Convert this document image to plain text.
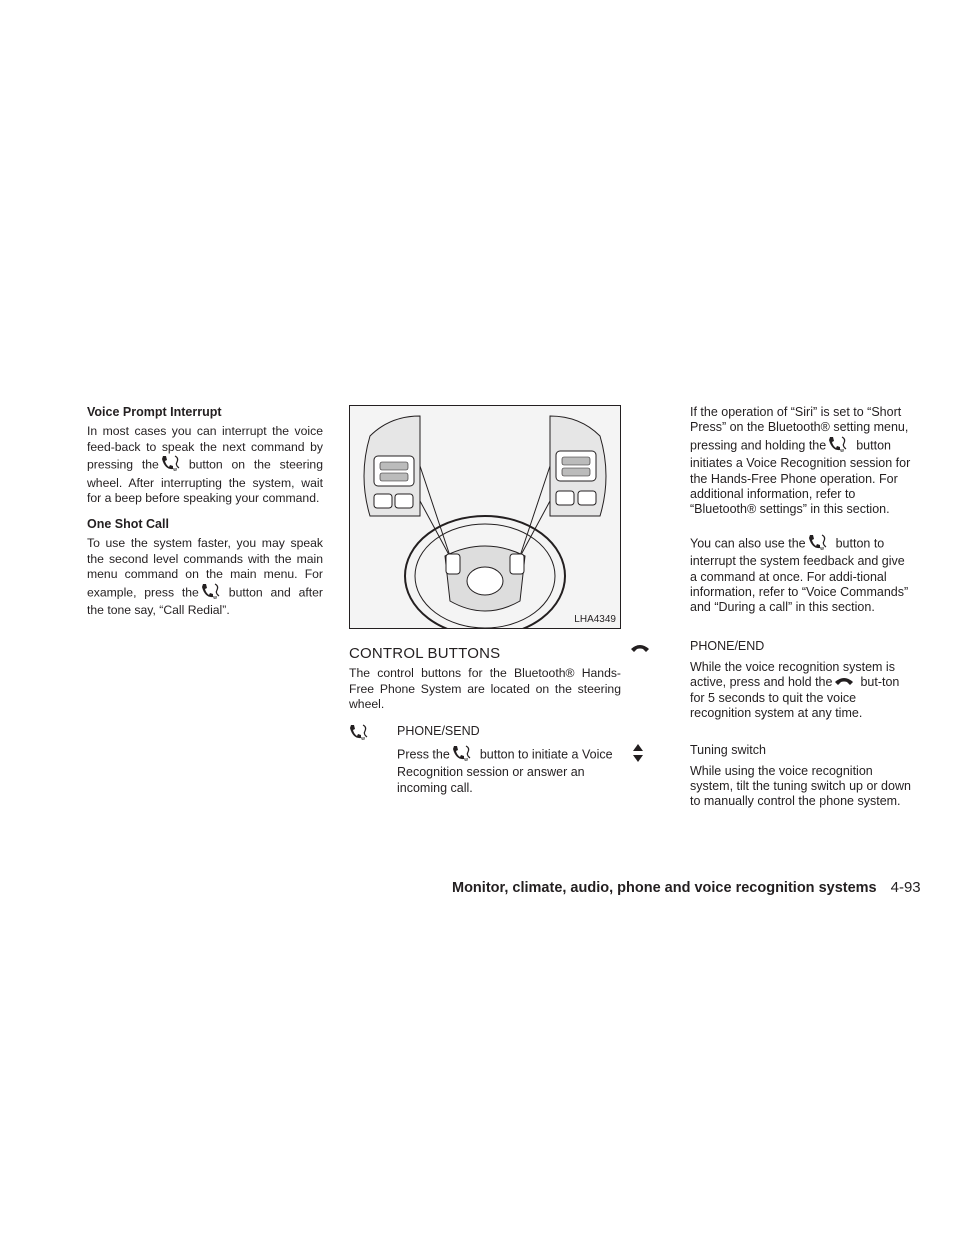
Voice Prompt Interrupt

In most cases you can interrupt the voice feed-back to speak the next command by pressing the	w button on the steering wheel. After interrupting the system, wait for a beep before speaking your command.

One Shot Call

To use the system faster, you may speak the second level commands with the main menu command on the main menu. For example, press the	w button and after the tone say, “Call Redial”.

LHA4349
CONTROL BUTTONS

The control buttons for the Bluetooth® Hands-Free Phone System are located on the steering wheel.

w
PHONE/SEND

Press the	w button to initiate a Voice Recognition session or answer an incoming call.

If the operation of “Siri” is set to “Short Press” on the Bluetooth® setting menu, pressing and holding the	w button initiates a Voice Recognition session for the Hands-Free Phone operation. For additional information, refer to “Bluetooth® settings” in this section.

You can also use the	w button to interrupt the system feedback and give a command at once. For addi-tional information, refer to “Voice Commands” and “During a call” in this section.

PHONE/END

While the voice recognition system is active, press and hold the but-ton for 5 seconds to quit the voice recognition system at any time.

Tuning switch

While using the voice recognition system, tilt the tuning switch up or down to manually control the phone system.

Monitor, climate, audio, phone and voice recognition systems 4-93
